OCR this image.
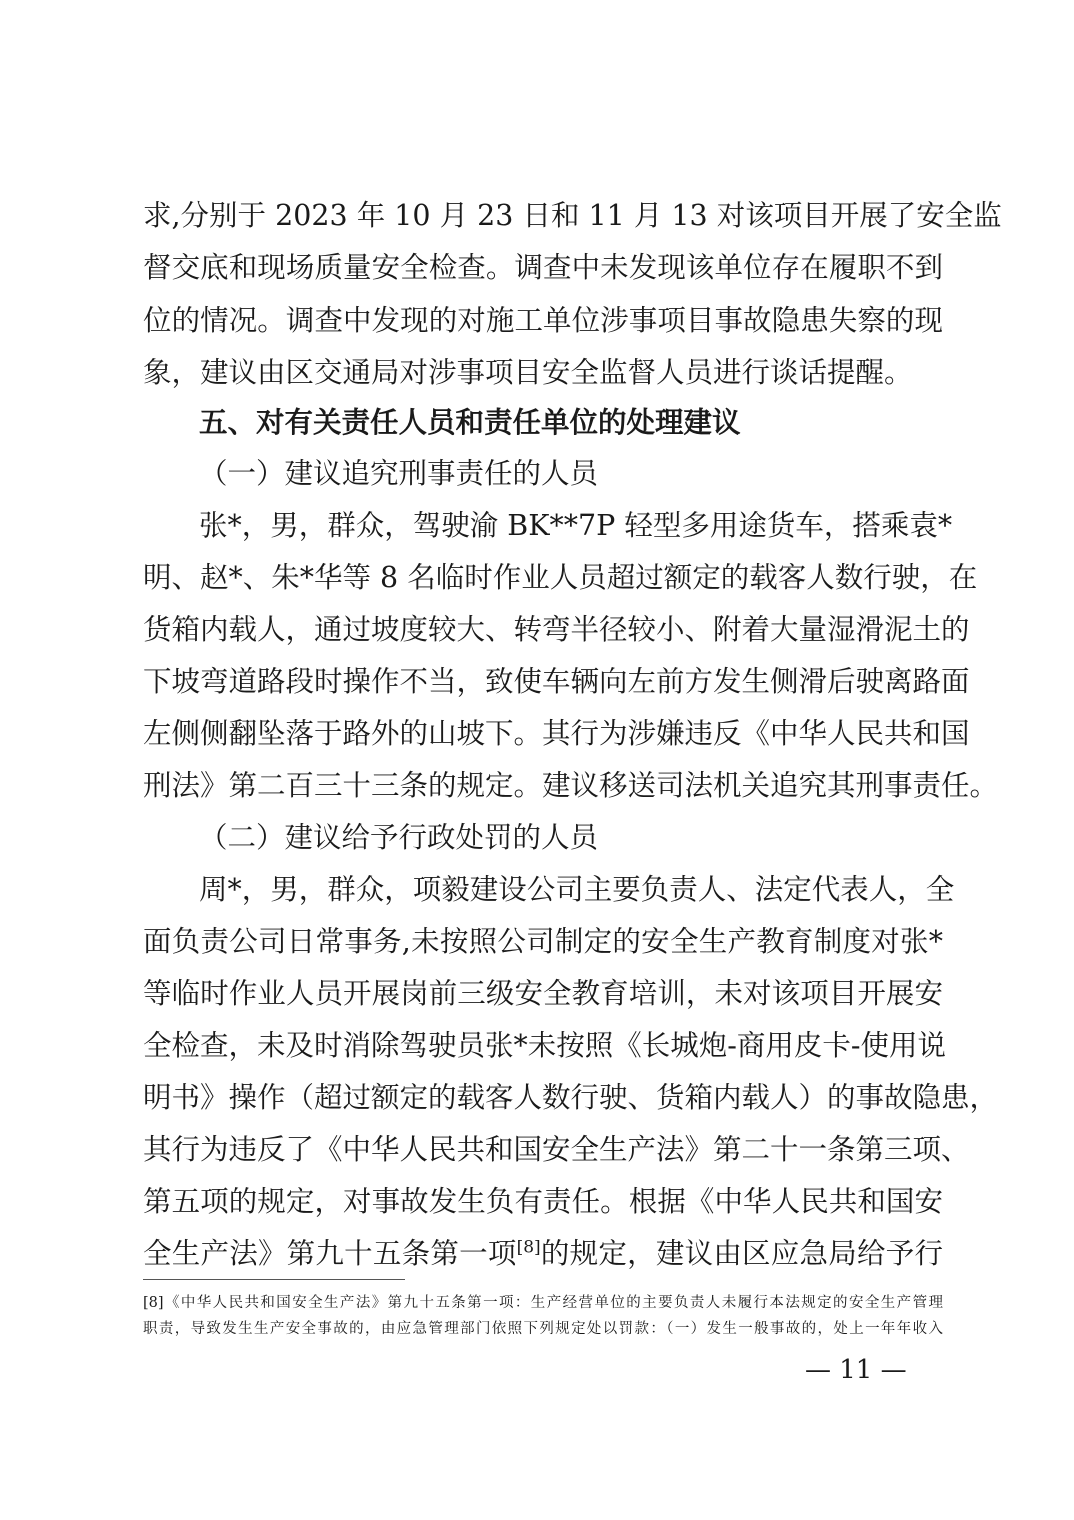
求,分别于 2023 年 10 月 23 日和 11 月 13 对该项目开展了安全监
督交底和现场质量安全检查。调查中未发现该单位存在履职不到
位的情况。调查中发现的对施工单位涉事项目事故隐患失察的现
象，建议由区交通局对涉事项目安全监督人员进行谈话提醒。
五、对有关责任人员和责任单位的处理建议
（一）建议追究刑事责任的人员
张*，男，群众，驾驶渝 BK**7P 轻型多用途货车，搭乘袁*
明、赵*、朱*华等 8 名临时作业人员超过额定的载客人数行驶，在
货箱内载人，通过坡度较大、转弯半径较小、附着大量湿滑泥土的
下坡弯道路段时操作不当，致使车辆向左前方发生侧滑后驶离路面
左侧侧翻坠落于路外的山坡下。其行为涉嫌违反《中华人民共和国
刑法》第二百三十三条的规定。建议移送司法机关追究其刑事责任。
（二）建议给予行政处罚的人员
周*，男，群众，项毅建设公司主要负责人、法定代表人，全
面负责公司日常事务,未按照公司制定的安全生产教育制度对张*
等临时作业人员开展岗前三级安全教育培训，未对该项目开展安
全检查，未及时消除驾驶员张*未按照《长城炮-商用皮卡-使用说
明书》操作（超过额定的载客人数行驶、货箱内载人）的事故隐患，
其行为违反了《中华人民共和国安全生产法》第二十一条第三项、
第五项的规定，对事故发生负有责任。根据《中华人民共和国安
全生产法》第九十五条第一项[8]的规定，建议由区应急局给予行
[8]《中华人民共和国安全生产法》第九十五条第一项：生产经营单位的主要负责人未履行本法规定的安全生产管理
职责，导致发生生产安全事故的，由应急管理部门依照下列规定处以罚款：（一）发生一般事故的，处上一年年收入
— 11 —
